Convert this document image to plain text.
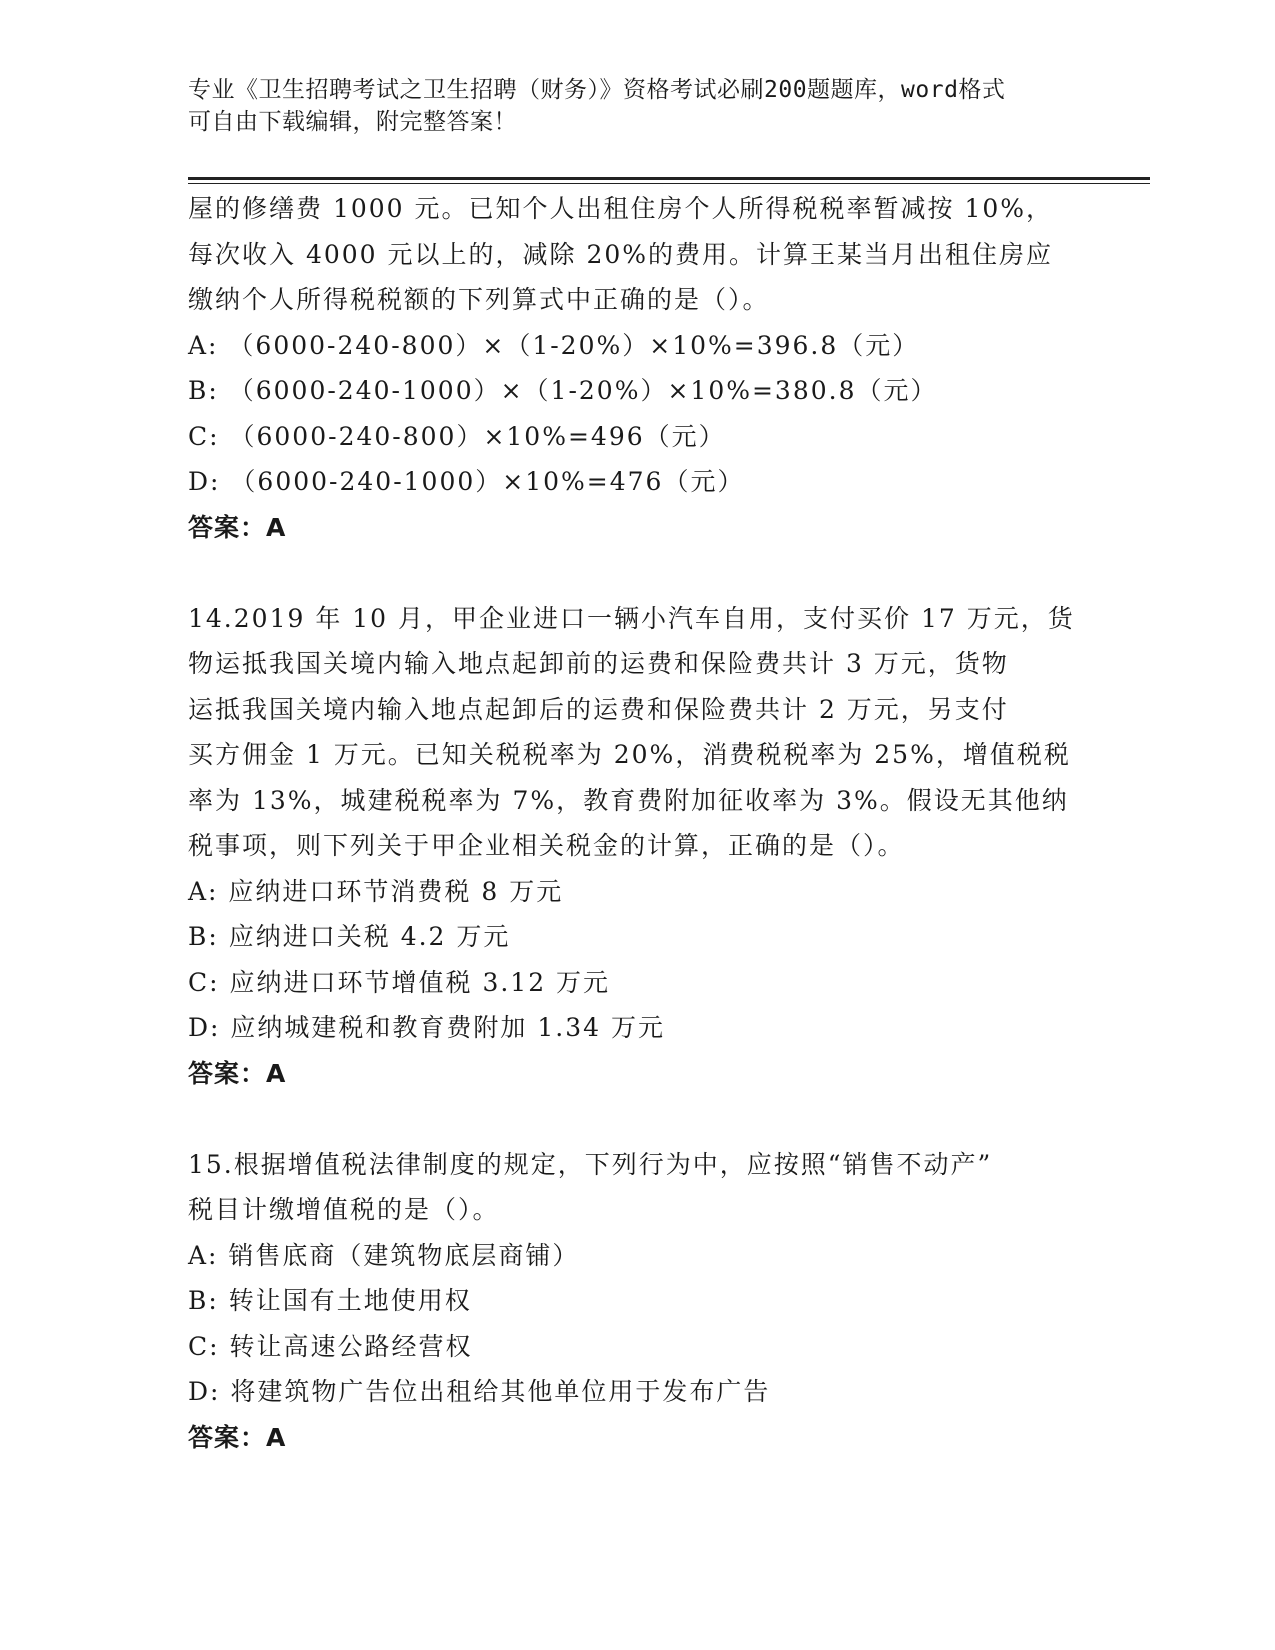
专业《卫生招聘考试之卫生招聘（财务）》资格考试必刷200题题库，word格式
可自由下载编辑，附完整答案！
屋的修缮费 1000 元。已知个人出租住房个人所得税税率暂减按 10%，
每次收入 4000 元以上的，减除 20%的费用。计算王某当月出租住房应
缴纳个人所得税税额的下列算式中正确的是（）。
A: （6000-240-800）×（1-20%）×10%=396.8（元）
B: （6000-240-1000）×（1-20%）×10%=380.8（元）
C: （6000-240-800）×10%=496（元）
D: （6000-240-1000）×10%=476（元）
答案：A
14.2019 年 10 月，甲企业进口一辆小汽车自用，支付买价 17 万元，货
物运抵我国关境内输入地点起卸前的运费和保险费共计 3 万元，货物
运抵我国关境内输入地点起卸后的运费和保险费共计 2 万元，另支付
买方佣金 1 万元。已知关税税率为 20%，消费税税率为 25%，增值税税
率为 13%，城建税税率为 7%，教育费附加征收率为 3%。假设无其他纳
税事项，则下列关于甲企业相关税金的计算，正确的是（）。
A: 应纳进口环节消费税 8 万元
B: 应纳进口关税 4.2 万元
C: 应纳进口环节增值税 3.12 万元
D: 应纳城建税和教育费附加 1.34 万元
答案：A
15.根据增值税法律制度的规定，下列行为中，应按照“销售不动产”
税目计缴增值税的是（）。
A: 销售底商（建筑物底层商铺）
B: 转让国有土地使用权
C: 转让高速公路经营权
D: 将建筑物广告位出租给其他单位用于发布广告
答案：A
